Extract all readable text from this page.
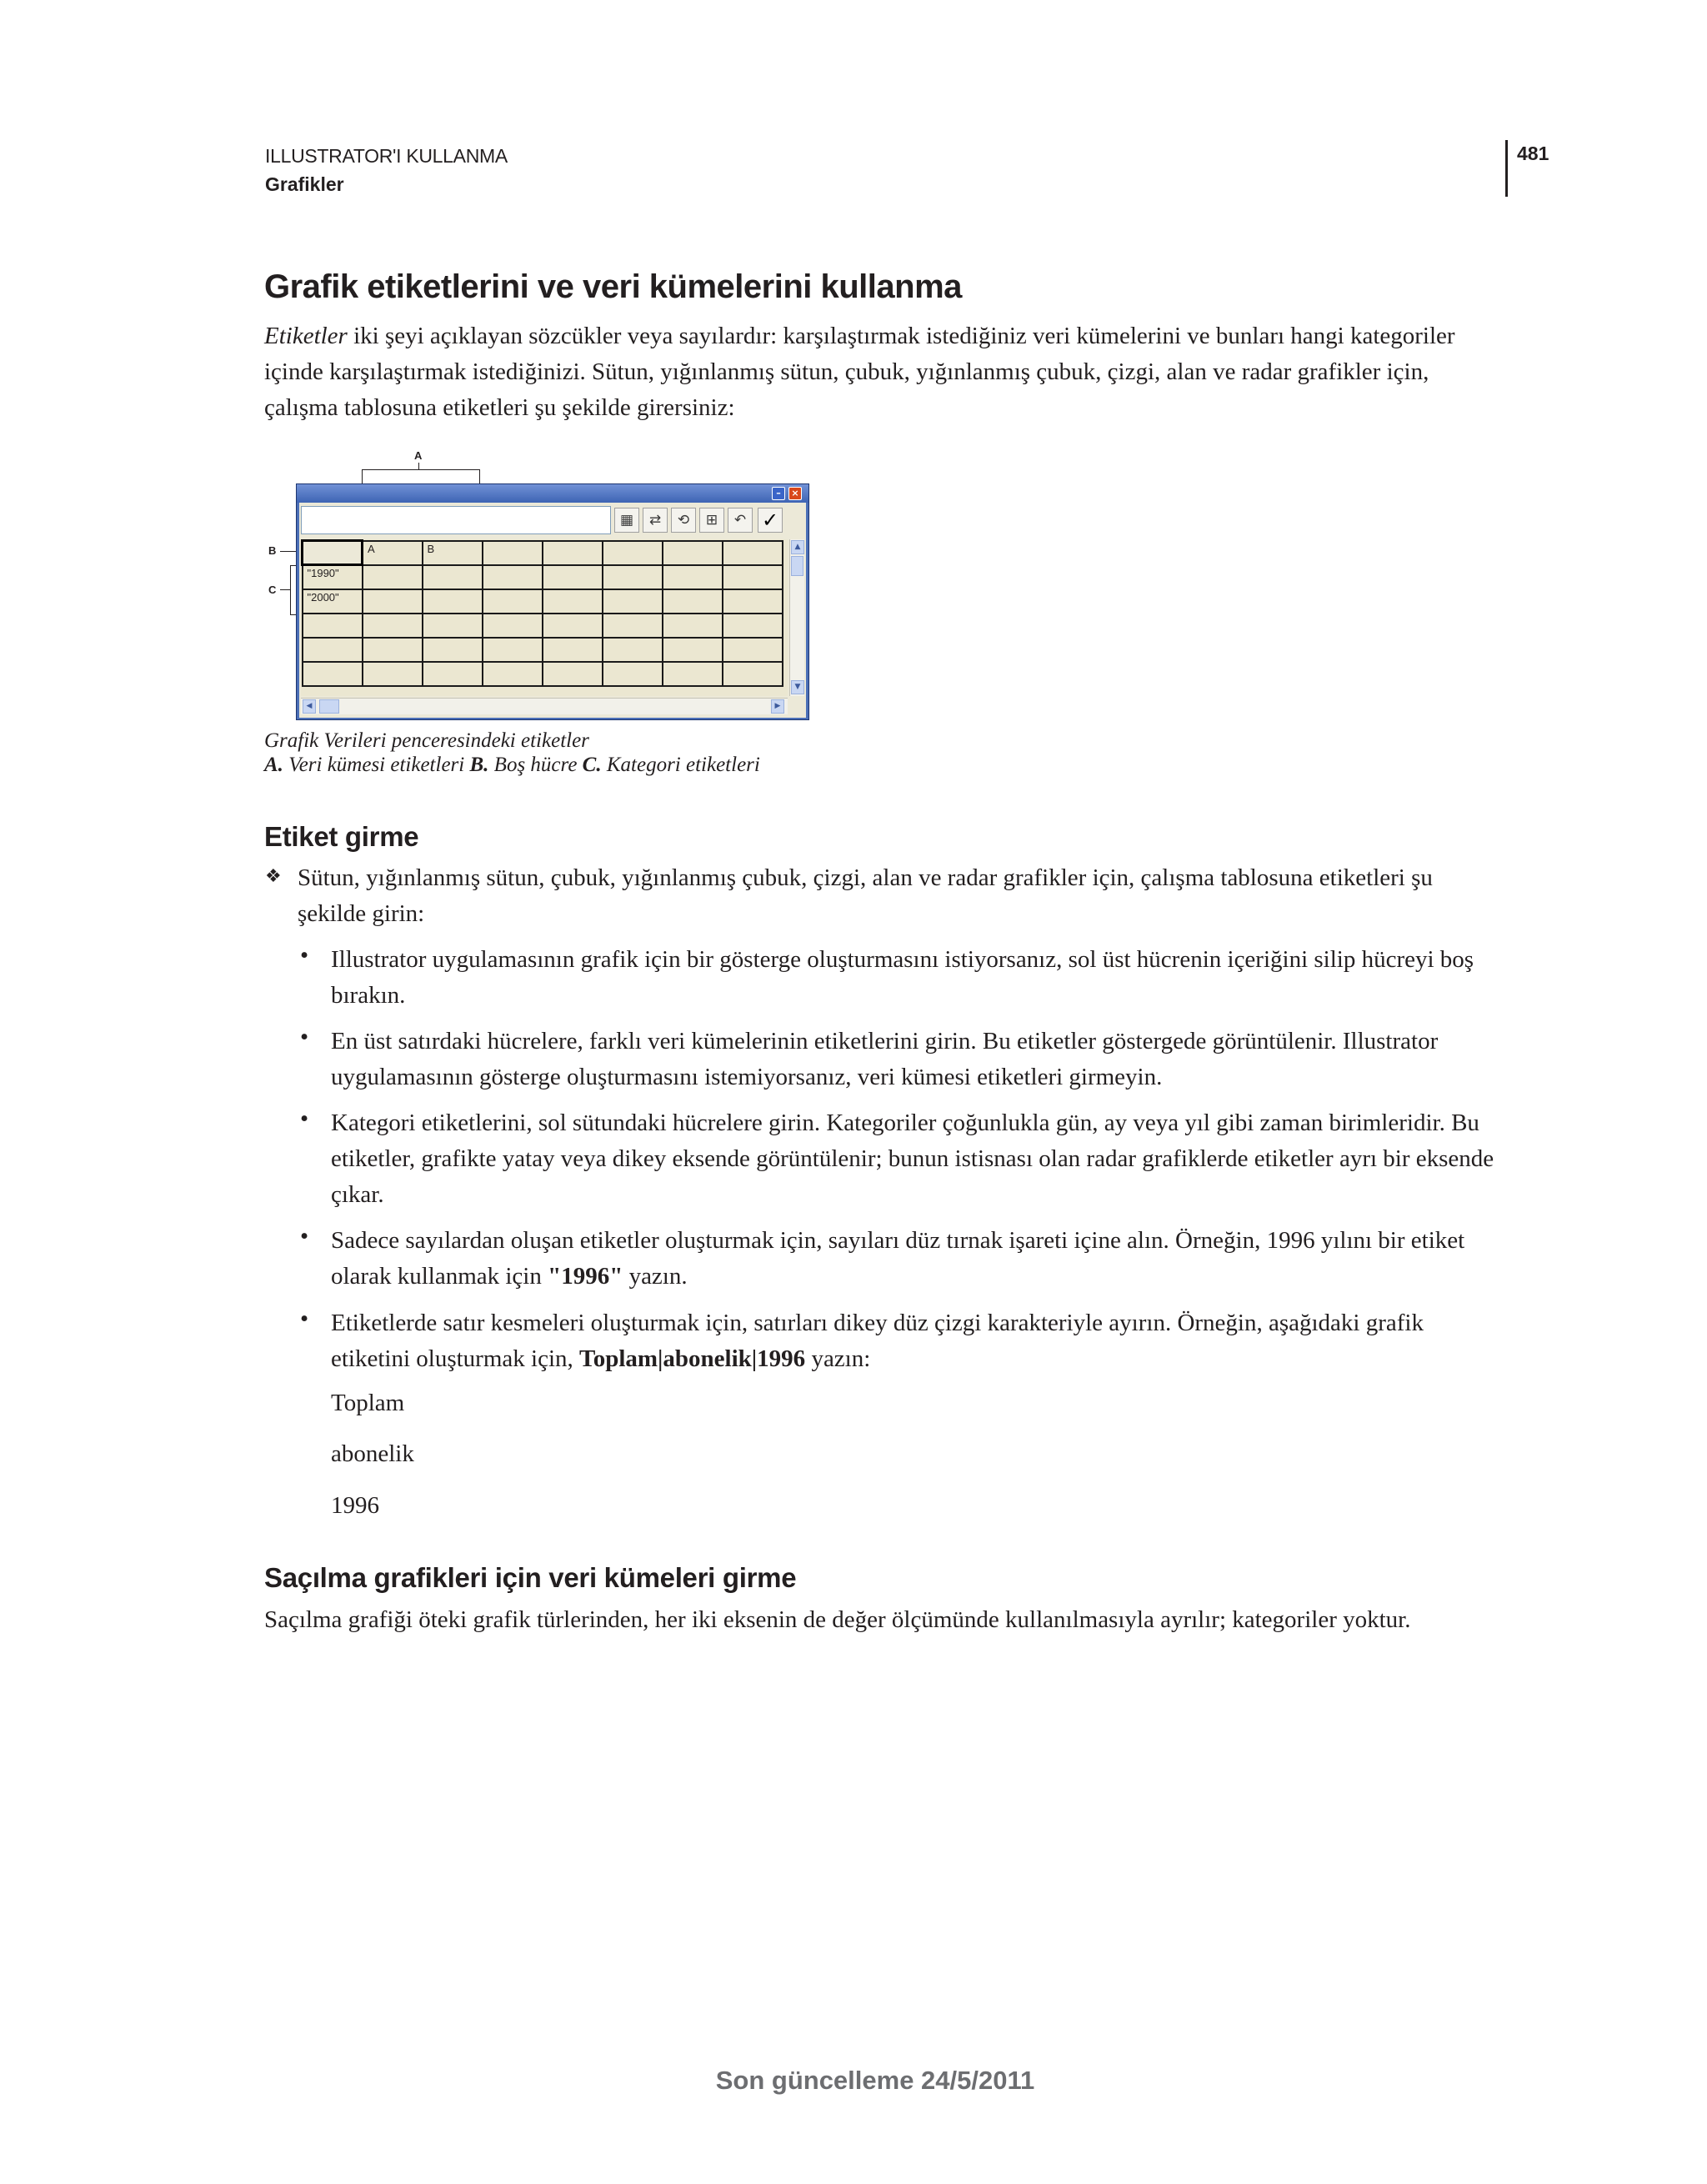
ILLUSTRATOR'I KULLANMA
Grafikler
481
Grafik etiketlerini ve veri kümelerini kullanma

Etiketler iki şeyi açıklayan sözcükler veya sayılardır: karşılaştırmak istediğiniz veri kümelerini ve bunları hangi kategoriler içinde karşılaştırmak istediğinizi. Sütun, yığınlanmış sütun, çubuk, yığınlanmış çubuk, çizgi, alan ve radar grafikler için, çalışma tablosuna etiketleri şu şekilde girersiniz:

A
B
C
–	×
▦	⇄	⟲	⊞	↶ ✓
	A	B					
"1990"							
"2000"							

▲
▼
◀	▶
Grafik Verileri penceresindeki etiketler
A. Veri kümesi etiketleri B. Boş hücre C. Kategori etiketleri
Etiket girme
❖ Sütun, yığınlanmış sütun, çubuk, yığınlanmış çubuk, çizgi, alan ve radar grafikler için, çalışma tablosuna etiketleri şu şekilde girin:

• Illustrator uygulamasının grafik için bir gösterge oluşturmasını istiyorsanız, sol üst hücrenin içeriğini silip hücreyi boş bırakın.

• En üst satırdaki hücrelere, farklı veri kümelerinin etiketlerini girin. Bu etiketler göstergede görüntülenir. Illustrator uygulamasının gösterge oluşturmasını istemiyorsanız, veri kümesi etiketleri girmeyin.

• Kategori etiketlerini, sol sütundaki hücrelere girin. Kategoriler çoğunlukla gün, ay veya yıl gibi zaman birimleridir. Bu etiketler, grafikte yatay veya dikey eksende görüntülenir; bunun istisnası olan radar grafiklerde etiketler ayrı bir eksende çıkar.

• Sadece sayılardan oluşan etiketler oluşturmak için, sayıları düz tırnak işareti içine alın. Örneğin, 1996 yılını bir etiket olarak kullanmak için "1996" yazın.

• Etiketlerde satır kesmeleri oluşturmak için, satırları dikey düz çizgi karakteriyle ayırın. Örneğin, aşağıdaki grafik etiketini oluşturmak için, Toplam|abonelik|1996 yazın:

Toplam
abonelik
1996
Saçılma grafikleri için veri kümeleri girme

Saçılma grafiği öteki grafik türlerinden, her iki eksenin de değer ölçümünde kullanılmasıyla ayrılır; kategoriler yoktur.

Son güncelleme 24/5/2011
